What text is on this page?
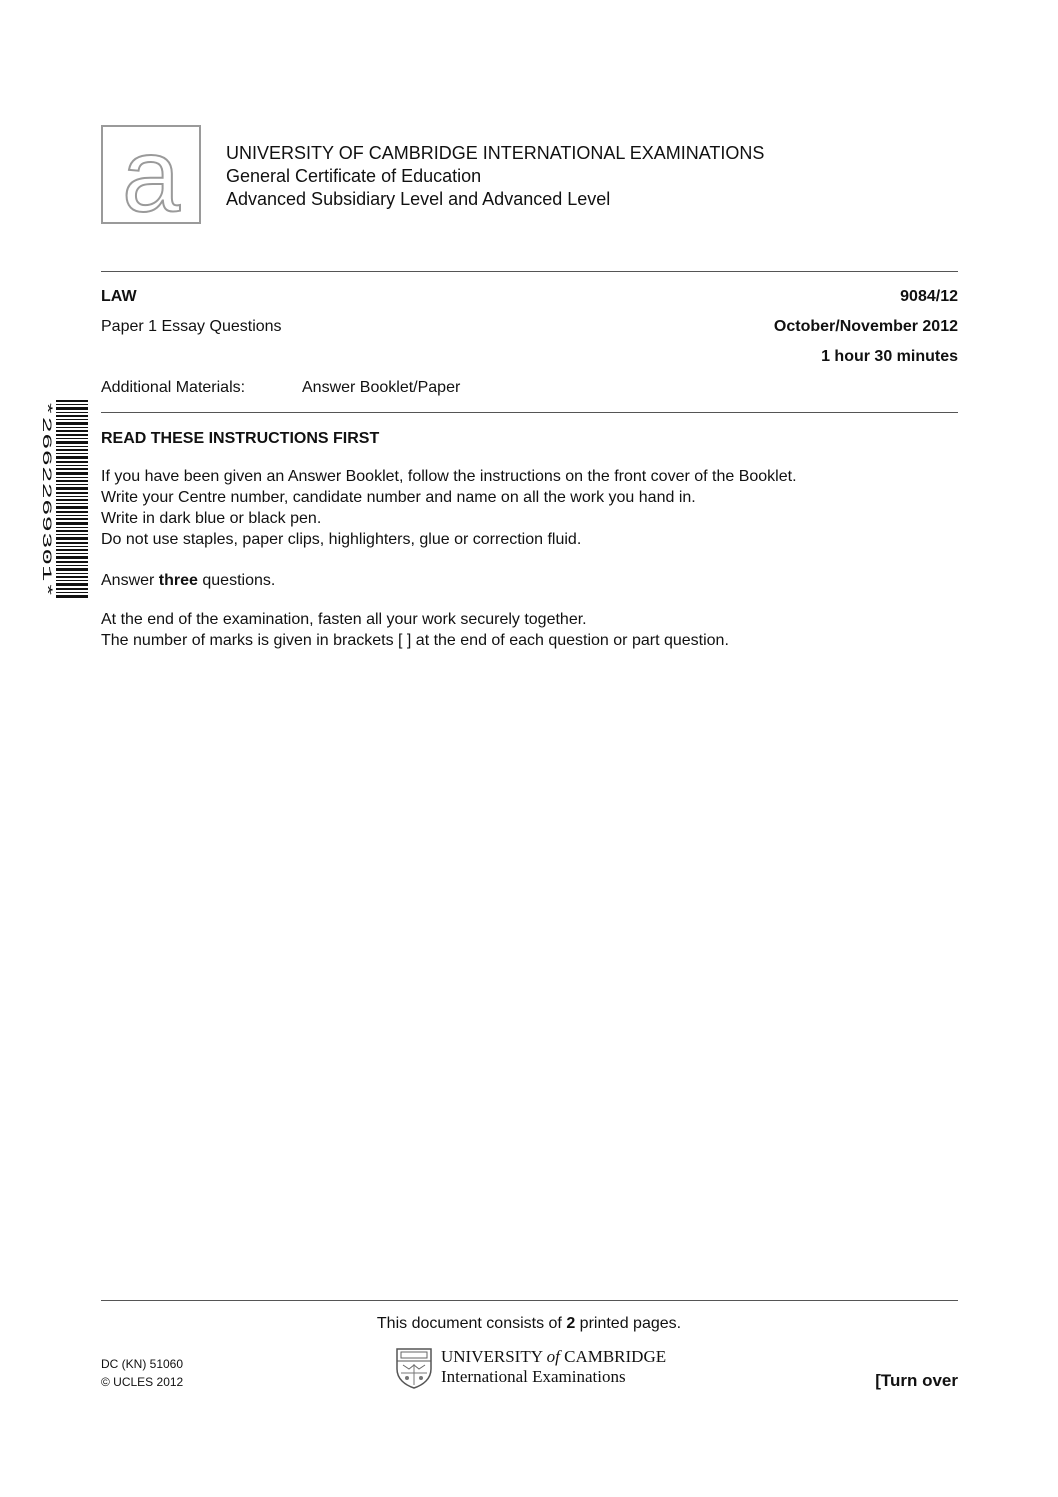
a	UNIVERSITY OF CAMBRIDGE INTERNATIONAL EXAMINATIONS
General Certificate of Education
Advanced Subsidiary Level and Advanced Level
LAW	9084/12
Paper 1 Essay Questions	October/November 2012
1 hour 30 minutes
Additional Materials:	Answer Booklet/Paper
*2662269301*	READ THESE INSTRUCTIONS FIRST

If you have been given an Answer Booklet, follow the instructions on the front cover of the Booklet.

Write your Centre number, candidate number and name on all the work you hand in.

Write in dark blue or black pen.

Do not use staples, paper clips, highlighters, glue or correction fluid.

Answer three questions.

At the end of the examination, fasten all your work securely together.

The number of marks is given in brackets [ ] at the end of each question or part question.

This document consists of 2 printed pages.
DC (KN) 51060
© UCLES 2012
UNIVERSITY of CAMBRIDGE
International Examinations	[Turn over
